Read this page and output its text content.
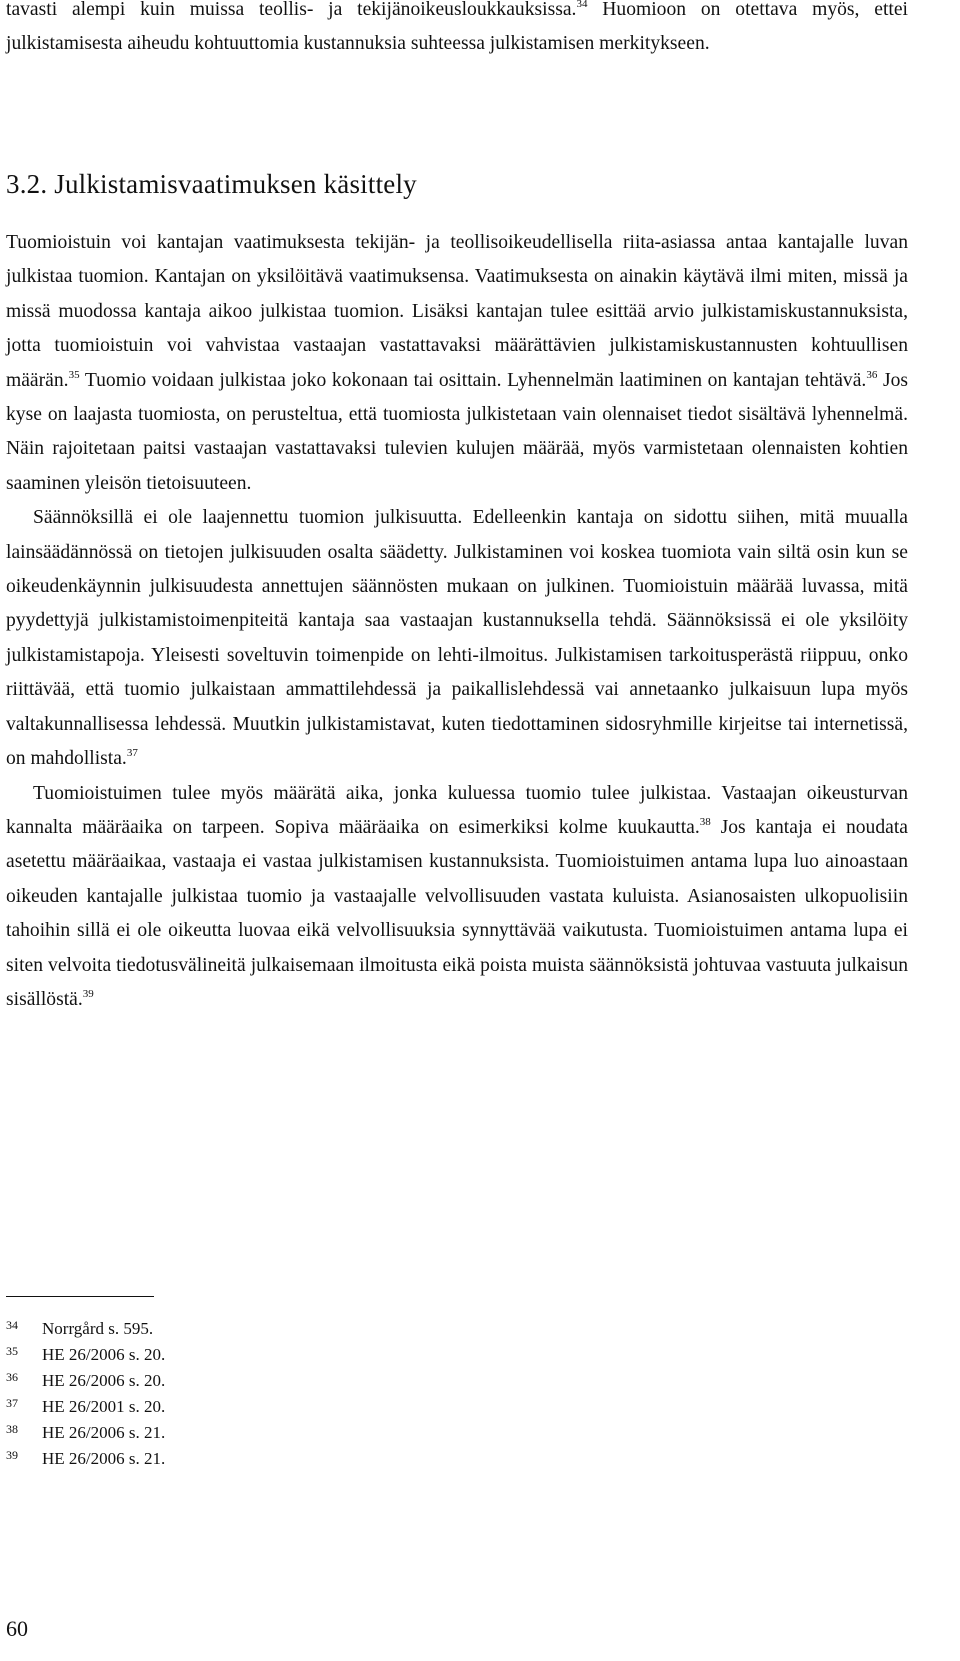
tavasti alempi kuin muissa teollis- ja tekijänoikeusloukkauksissa.$^{34}$ Huomioon on otettava myös, ettei julkistamisesta aiheudu kohtuuttomia kustannuksia suhteessa julkistamisen merkitykseen.

3.2. Julkistamisvaatimuksen käsittely

Tuomioistuin voi kantajan vaatimuksesta tekijän- ja teollisoikeudellisella riita-asiassa antaa kantajalle luvan julkistaa tuomion. Kantajan on yksilöitävä vaatimuksensa. Vaatimuksesta on ainakin käytävä ilmi miten, missä ja missä muodossa kantaja aikoo julkistaa tuomion. Lisäksi kantajan tulee esittää arvio julkistamiskustannuksista, jotta tuomioistuin voi vahvistaa vastaajan vastattavaksi määrättävien julkistamiskustannusten kohtuullisen määrän.$^{35}$ Tuomio voidaan julkistaa joko kokonaan tai osittain. Lyhennelmän laatiminen on kantajan tehtävä.$^{36}$ Jos kyse on laajasta tuomiosta, on perusteltua, että tuomiosta julkistetaan vain olennaiset tiedot sisältävä lyhennelmä. Näin rajoitetaan paitsi vastaajan vastattavaksi tulevien kulujen määrää, myös varmistetaan olennaisten kohtien saaminen yleisön tietoisuuteen.

Säännöksillä ei ole laajennettu tuomion julkisuutta. Edelleenkin kantaja on sidottu siihen, mitä muualla lainsäädännössä on tietojen julkisuuden osalta säädetty. Julkistaminen voi koskea tuomiota vain siltä osin kun se oikeudenkäynnin julkisuudesta annettujen säännösten mukaan on julkinen. Tuomioistuin määrää luvassa, mitä pyydettyjä julkistamistoimenpiteitä kantaja saa vastaajan kustannuksella tehdä. Säännöksissä ei ole yksilöity julkistamistapoja. Yleisesti soveltuvin toimenpide on lehti-ilmoitus. Julkistamisen tarkoitusperästä riippuu, onko riittävää, että tuomio julkaistaan ammattilehdessä ja paikallislehdessä vai annetaanko julkaisuun lupa myös valtakunnallisessa lehdessä. Muutkin julkistamistavat, kuten tiedottaminen sidosryhmille kirjeitse tai internetissä, on mahdollista.$^{37}$

Tuomioistuimen tulee myös määrätä aika, jonka kuluessa tuomio tulee julkistaa. Vastaajan oikeusturvan kannalta määräaika on tarpeen. Sopiva määräaika on esimerkiksi kolme kuukautta.$^{38}$ Jos kantaja ei noudata asetettu määräaikaa, vastaaja ei vastaa julkistamisen kustannuksista. Tuomioistuimen antama lupa luo ainoastaan oikeuden kantajalle julkistaa tuomio ja vastaajalle velvollisuuden vastata kuluista. Asianosaisten ulkopuolisiin tahoihin sillä ei ole oikeutta luovaa eikä velvollisuuksia synnyttävää vaikutusta. Tuomioistuimen antama lupa ei siten velvoita tiedotusvälineitä julkaisemaan ilmoitusta eikä poista muista säännöksistä johtuvaa vastuuta julkaisun sisällöstä.$^{39}$

34	Norrgård s. 595.
35	HE 26/2006 s. 20.
36	HE 26/2006 s. 20.
37	HE 26/2001 s. 20.
38	HE 26/2006 s. 21.
39	HE 26/2006 s. 21.
60
